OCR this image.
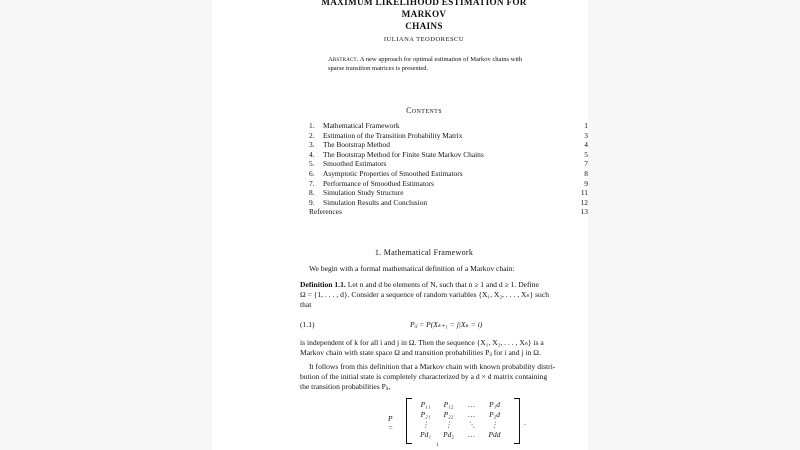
MAXIMUM LIKELIHOOD ESTIMATION FOR MARKOV
CHAINS
IULIANA TEODORESCU
Abstract. A new approach for optimal estimation of Markov chains with
sparse transition matrices is presented.
Contents
1. Mathematical Framework	1
2. Estimation of the Transition Probability Matrix	3
3. The Bootstrap Method	4
4. The Bootstrap Method for Finite State Markov Chains	5
5. Smoothed Estimators	7
6. Asymptotic Properties of Smoothed Estimators	8
7. Performance of Smoothed Estimators	9
8. Simulation Study Structure	11
9. Simulation Results and Conclusion	12
References	13
1. Mathematical Framework

We begin with a formal mathematical definition of a Markov chain:

Definition 1.1. Let n and d be elements of N, such that n ≥ 1 and d ≥ 1. Define

Ω = {1, . . . , d}. Consider a sequence of random variables {X₁, X₂, . . . , Xₙ} such

that

(1.1)	Pᵢⱼ = P(Xₖ₊₁ = j|Xₖ = i)

is independent of k for all i and j in Ω. Then the sequence {X₁, X₂, . . . , Xₙ} is a

Markov chain with state space Ω and transition probabilities Pᵢⱼ for i and j in Ω.

It follows from this definition that a Markov chain with known probability distri-

bution of the initial state is completely characterized by a d × d matrix containing

the transition probabilities Pᵢⱼ,

P =
P₁₁ P₁₂ … P₁d
P₂₁ P₂₂ … P₂d
⋮ ⋮ ⋱ ⋮
Pd₁ Pd₂ … Pdd
.
1
